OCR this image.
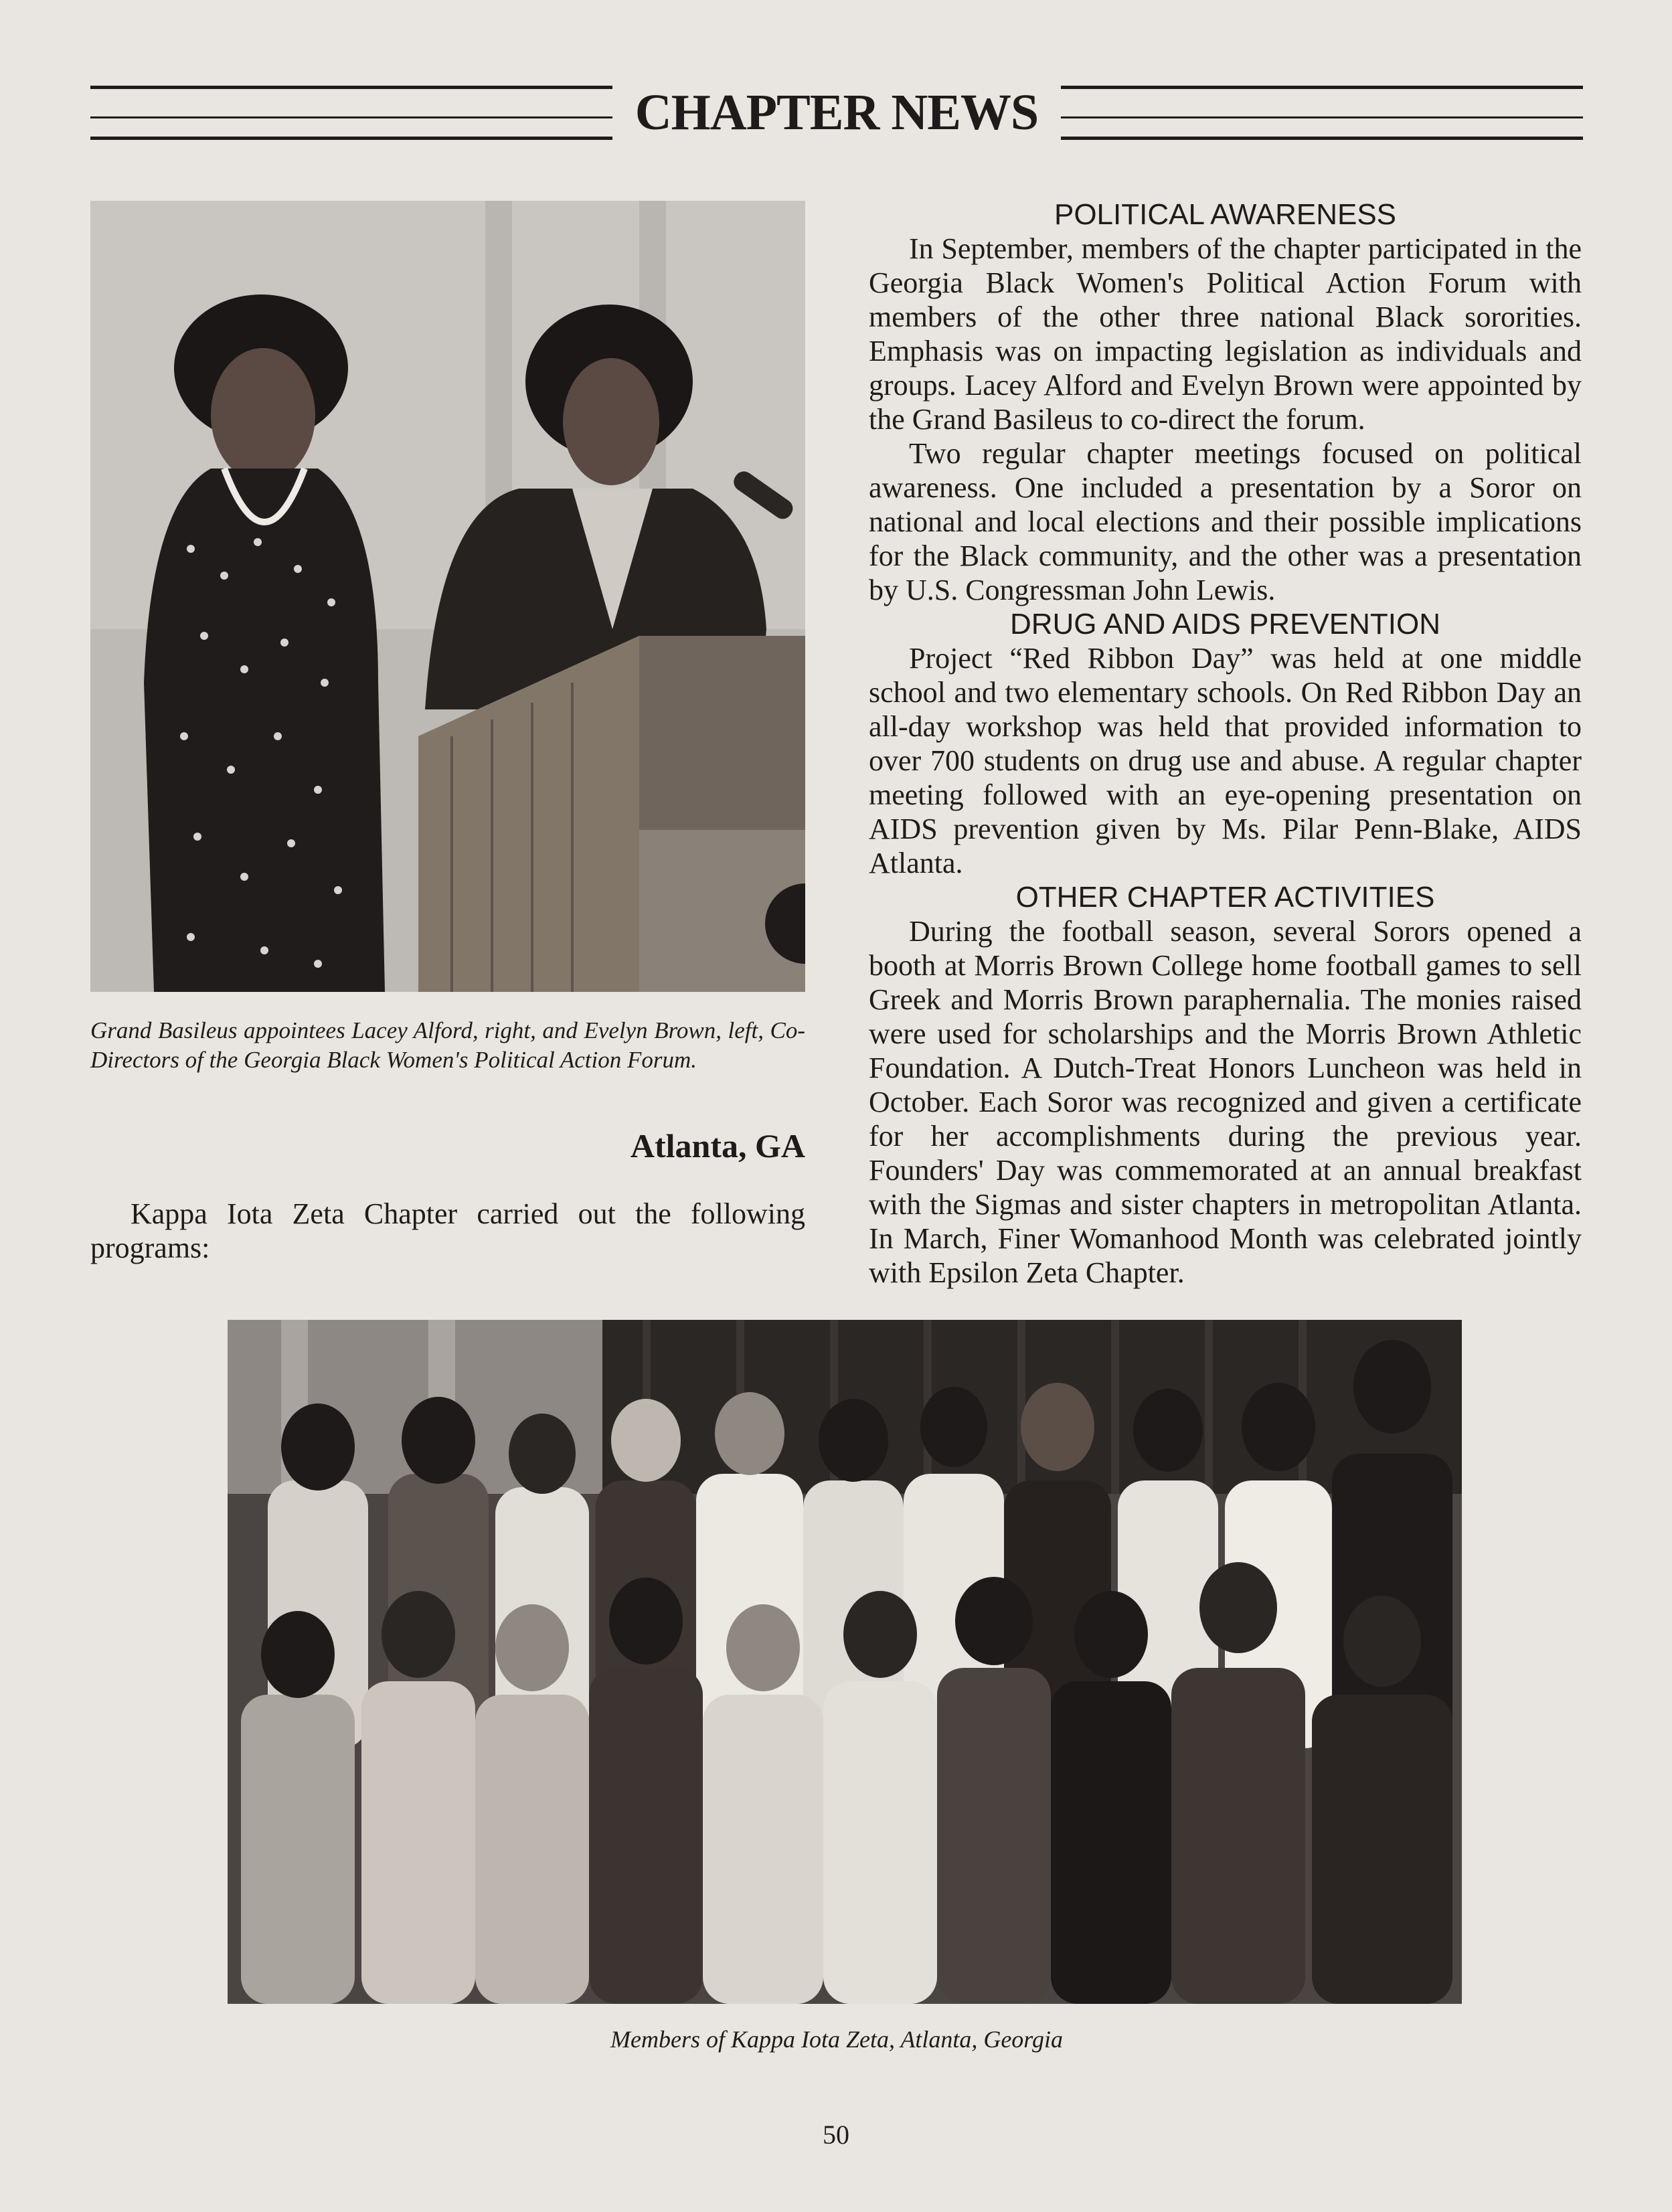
CHAPTER NEWS
Grand Basileus appointees Lacey Alford, right, and Evelyn Brown, left, Co-Directors of the Georgia Black Women's Political Action Forum.
Atlanta, GA
Kappa Iota Zeta Chapter carried out the following programs:
POLITICAL AWARENESS

In September, members of the chapter participated in the Georgia Black Women's Political Action Forum with members of the other three national Black sororities. Emphasis was on impacting legislation as individuals and groups. Lacey Alford and Evelyn Brown were appointed by the Grand Basileus to co-direct the forum.

Two regular chapter meetings focused on political awareness. One included a presentation by a Soror on national and local elections and their possible implications for the Black community, and the other was a presentation by U.S. Congressman John Lewis.

DRUG AND AIDS PREVENTION

Project “Red Ribbon Day” was held at one middle school and two elementary schools. On Red Ribbon Day an all-day workshop was held that provided information to over 700 students on drug use and abuse. A regular chapter meeting followed with an eye-opening presentation on AIDS prevention given by Ms. Pilar Penn-Blake, AIDS Atlanta.

OTHER CHAPTER ACTIVITIES

During the football season, several Sorors opened a booth at Morris Brown College home football games to sell Greek and Morris Brown paraphernalia. The monies raised were used for scholarships and the Morris Brown Athletic Foundation. A Dutch-Treat Honors Luncheon was held in October. Each Soror was recognized and given a certificate for her accomplishments during the previous year. Founders' Day was commemorated at an annual breakfast with the Sigmas and sister chapters in metropolitan Atlanta. In March, Finer Womanhood Month was celebrated jointly with Epsilon Zeta Chapter.

Members of Kappa Iota Zeta, Atlanta, Georgia
50
